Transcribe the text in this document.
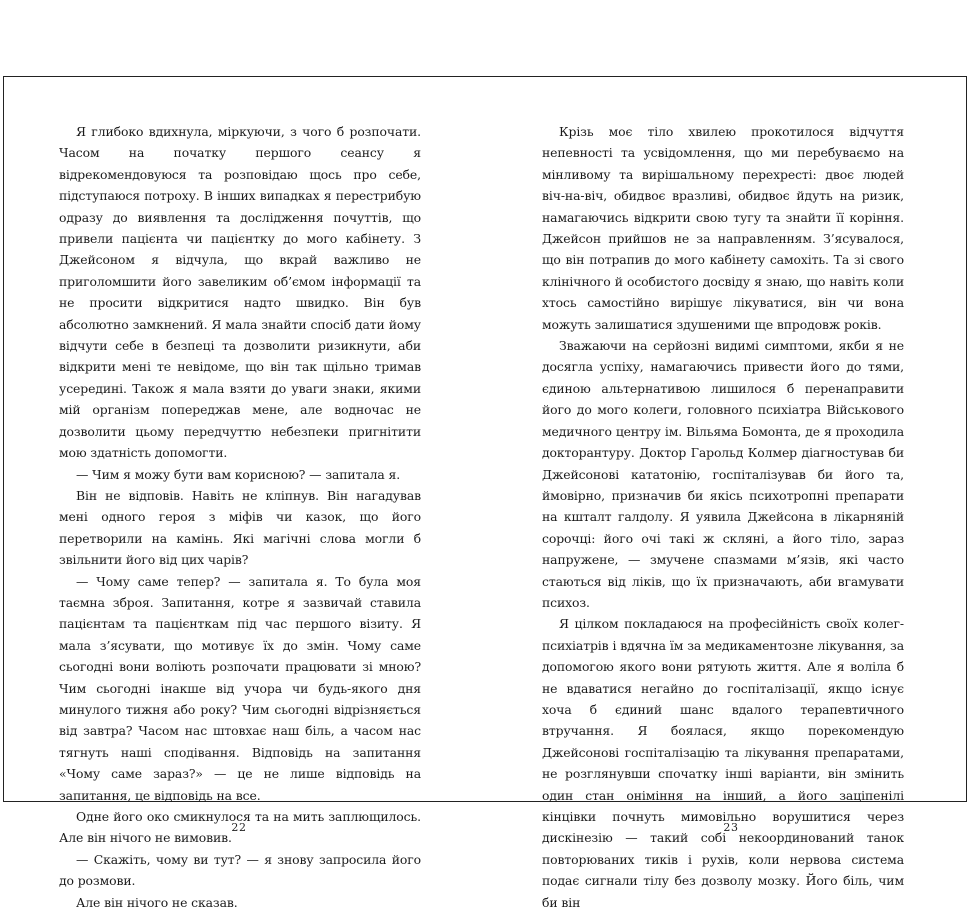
Я глибоко вдихнула, міркуючи, з чого б розпочати. Часом на початку першого сеансу я відрекомендовуюся та розповідаю щось про себе, підступаюся потроху. В інших випадках я перестрибую одразу до виявлення та дослідження почуттів, що привели пацієнта чи пацієнтку до мого кабінету. З Джейсоном я відчула, що вкрай важливо не приголомшити його завеликим об’ємом інформації та не просити відкритися надто швидко. Він був абсолютно замкнений. Я мала знайти спосіб дати йому відчути себе в безпеці та дозволити ризикнути, аби відкрити мені те невідоме, що він так щільно тримав усередині. Також я мала взяти до уваги знаки, якими мій організм попереджав мене, але водночас не дозволити цьому передчуттю небезпеки пригнітити мою здатність допомогти.

— Чим я можу бути вам корисною? — запитала я.

Він не відповів. Навіть не кліпнув. Він нагадував мені одного героя з міфів чи казок, що його перетворили на камінь. Які магічні слова могли б звільнити його від цих чарів?

— Чому саме тепер? — запитала я. То була моя таємна зброя. Запитання, котре я зазвичай ставила пацієнтам та пацієнткам під час першого візиту. Я мала з’ясувати, що мотивує їх до змін. Чому саме сьогодні вони воліють розпочати працювати зі мною? Чим сьогодні інакше від учора чи будь-якого дня минулого тижня або року? Чим сьогодні відрізняється від завтра? Часом нас штовхає наш біль, а часом нас тягнуть наші сподівання. Відповідь на запитання «Чому саме зараз?» — це не лише відповідь на запитання, це відповідь на все.

Одне його око смикнулося та на мить заплющилось. Але він нічого не вимовив.

— Скажіть, чому ви тут? — я знову запросила його до розмови.

Але він нічого не сказав.

Крізь моє тіло хвилею прокотилося відчуття непевності та усвідомлення, що ми перебуваємо на мінливому та вирішальному перехресті: двоє людей віч-на-віч, обидвоє вразливі, обидвоє йдуть на ризик, намагаючись відкрити свою тугу та знайти її коріння. Джейсон прийшов не за направленням. З’ясувалося, що він потрапив до мого кабінету самохіть. Та зі свого клінічного й особистого досвіду я знаю, що навіть коли хтось самостійно вирішує лікуватися, він чи вона можуть залишатися здушеними ще впродовж років.

Зважаючи на серйозні видимі симптоми, якби я не досягла успіху, намагаючись привести його до тями, єдиною альтернативою лишилося б перенаправити його до мого колеги, головного психіатра Військового медичного центру ім. Вільяма Бомонта, де я проходила докторантуру. Доктор Гарольд Колмер діагностував би Джейсонові кататонію, госпіталізував би його та, ймовірно, призначив би якісь психотропні препарати на кшталт галдолу. Я уявила Джейсона в лікарняній сорочці: його очі такі ж скляні, а його тіло, зараз напружене, — змучене спазмами м’язів, які часто стаються від ліків, що їх призначають, аби вгамувати психоз.

Я цілком покладаюся на професійність своїх колег-психіатрів і вдячна їм за медикаментозне лікування, за допомогою якого вони рятують життя. Але я воліла б не вдаватися негайно до госпіталізації, якщо існує хоча б єдиний шанс вдалого терапевтичного втручання. Я боялася, якщо порекомендую Джейсонові госпіталізацію та лікування препаратами, не розглянувши спочатку інші варіанти, він змінить один стан оніміння на інший, а його заціпенілі кінцівки почнуть мимовільно ворушитися через дискінезію — такий собі некоординований танок повторюваних тиків і рухів, коли нервова система подає сигнали тілу без дозволу мозку. Його біль, чим би він

22	23
